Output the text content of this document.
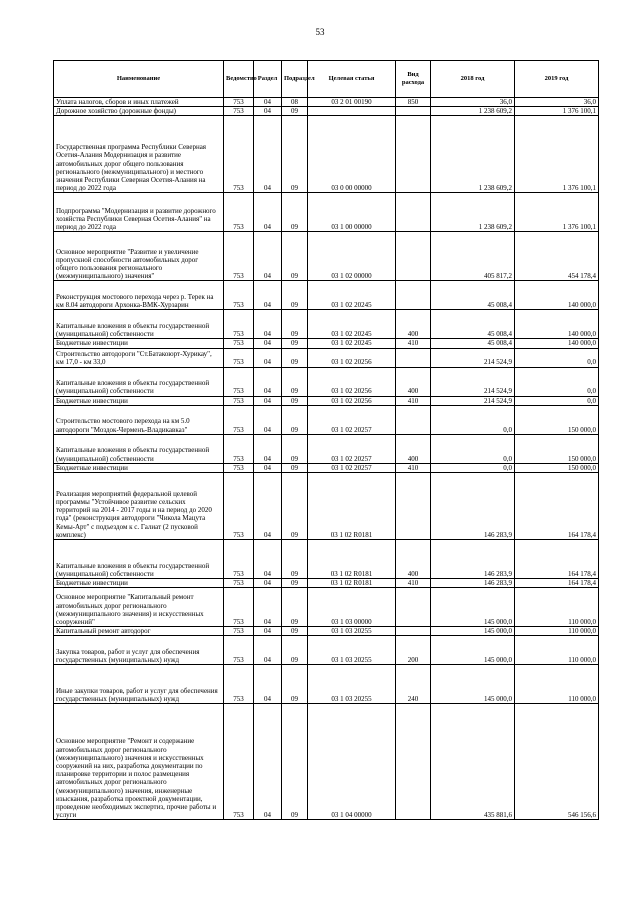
53
Наименование	Ведомство	Раздел	Подраздел	Целевая статья	Вид расхода	2018 год	2019 год
Уплата налогов, сборов и иных платежей	753	04	08	03 2 01 00190	850	36,0	36,0
Дорожное хозяйство (дорожные фонды)	753	04	09			1 238 609,2	1 376 100,1
Государственная программа Республики Северная Осетия-Алания Модернизация и развитие автомобильных дорог общего пользования регионального (межмуниципального) и местного значения Республики Северная Осетия-Алания на период до 2022 года	753	04	09	03 0 00 00000		1 238 609,2	1 376 100,1
Подпрограмма "Модернизация и развитие дорожного хозяйства Республики Северная Осетия-Алания" на период до 2022 года	753	04	09	03 1 00 00000		1 238 609,2	1 376 100,1
Основное мероприятие "Развитие и увеличение пропускной способности автомобильных дорог общего пользования регионального (межмуниципального) значения"	753	04	09	03 1 02 00000		405 817,2	454 178,4
Реконструкция мостового перехода через р. Терек на км 8.04 автодороги Архонка-ВМК-Хурзарин	753	04	09	03 1 02 20245		45 008,4	140 000,0
Капитальные вложения в объекты государственной (муниципальной) собственности	753	04	09	03 1 02 20245	400	45 008,4	140 000,0
Бюджетные инвестиции	753	04	09	03 1 02 20245	410	45 008,4	140 000,0
Строительство автодороги "Ст.Батакоюрт-Хурикау", км 17,0 - км 33,0	753	04	09	03 1 02 20256		214 524,9	0,0
Капитальные вложения в объекты государственной (муниципальной) собственности	753	04	09	03 1 02 20256	400	214 524,9	0,0
Бюджетные инвестиции	753	04	09	03 1 02 20256	410	214 524,9	0,0
Строительство мостового перехода на км 5.0 автодороги "Моздок-Черменъ-Владикавказ"	753	04	09	03 1 02 20257		0,0	150 000,0
Капитальные вложения в объекты государственной (муниципальной) собственности	753	04	09	03 1 02 20257	400	0,0	150 000,0
Бюджетные инвестиции	753	04	09	03 1 02 20257	410	0,0	150 000,0
Реализация мероприятий федеральной целевой программы "Устойчивое развитие сельских территорий на 2014 - 2017 годы и на период до 2020 года" (реконструкция автодороги "Чикола Мацута Кемы-Арт" с подъездом к с. Галиат (2 пусковой комплекс)	753	04	09	03 1 02 R0181		146 283,9	164 178,4
Капитальные вложения в объекты государственной (муниципальной) собственности	753	04	09	03 1 02 R0181	400	146 283,9	164 178,4
Бюджетные инвестиции	753	04	09	03 1 02 R0181	410	146 283,9	164 178,4
Основное мероприятие "Капитальный ремонт автомобильных дорог регионального (межмуниципального значения) и искусственных сооружений"	753	04	09	03 1 03 00000		145 000,0	110 000,0
Капитальный ремонт автодорог	753	04	09	03 1 03 20255		145 000,0	110 000,0
Закупка товаров, работ и услуг для обеспечения государственных (муниципальных) нужд	753	04	09	03 1 03 20255	200	145 000,0	110 000,0
Иные закупки товаров, работ и услуг для обеспечения государственных (муниципальных) нужд	753	04	09	03 1 03 20255	240	145 000,0	110 000,0
Основное мероприятие "Ремонт и содержание автомобильных дорог регионального (межмуниципального) значения и искусственных сооружений на них, разработка документации по планировке территории и полос размещения автомобильных дорог регионального (межмуниципального) значения, инженерные изыскания, разработка проектной документации, проведение необходимых экспертиз, прочие работы и услуги	753	04	09	03 1 04 00000		435 881,6	546 156,6
